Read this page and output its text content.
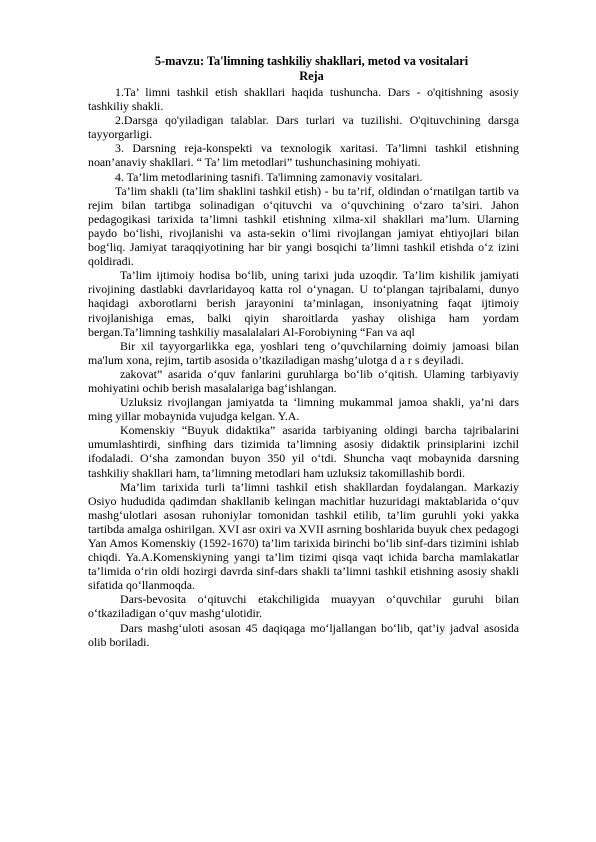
5-mavzu: Ta'limning tashkiliy shakllari, metod va vositalari
Reja
1.Ta’ limni tashkil etish shakllari haqida tushuncha. Dars - o'qitishning asosiy tashkiliy shakli.
2.Darsga qo'yiladigan talablar. Dars turlari va tuzilishi. O'qituvchining darsga tayyorgarligi.
3. Darsning reja-konspekti va texnologik xaritasi. Ta’limni tashkil etishning noan’anaviy shakllari. “ Ta’ lim metodlari” tushunchasining mohiyati.
4. Ta’lim metodlarining tasnifi. Ta'limning zamonaviy vositalari.
Ta’lim shakli (ta’lim shaklini tashkil etish) - bu ta’rif, oldindan o‘rnatilgan tartib va rejim bilan tartibga solinadigan o‘qituvchi va o‘quvchining o‘zaro ta’siri. Jahon pedagogikasi tarixida ta’limni tashkil etishning xilma-xil shakllari ma’lum. Ularning paydo bo‘lishi, rivojlanishi va asta-sekin o‘limi rivojlangan jamiyat ehtiyojlari bilan bog‘liq. Jamiyat taraqqiyotining har bir yangi bosqichi ta’limni tashkil etishda o‘z izini qoldiradi.
Ta’lim ijtimoiy hodisa bo‘lib, uning tarixi juda uzoqdir. Ta’lim kishilik jamiyati rivojining dastlabki davrlaridayoq katta rol o‘ynagan. U to‘plangan tajribalami, dunyo haqidagi axborotlarni berish jarayonini ta’minlagan, insoniyatning faqat ijtimoiy rivojlanishiga emas, balki qiyin sharoitlarda yashay olishiga ham yordam bergan.Ta’limning tashkiliy masalalalari Al-Forobiyning “Fan va aql
Bir xil tayyorgarlikka ega, yoshlari teng o’quvchilarning doimiy jamoasi bilan ma'lum xona, rejim, tartib asosida o’tkaziladigan mashg’ulotga d a r s deyiladi.
zakovat” asarida o‘quv fanlarini guruhlarga bo‘lib o‘qitish. Ulaming tarbiyaviy mohiyatini ochib berish masalalariga bag‘ishlangan.
Uzluksiz rivojlangan jamiyatda ta ‘limning mukammal jamoa shakli, ya’ni dars ming yillar mobaynida vujudga kelgan. Y.A.
Komenskiy “Buyuk didaktika” asarida tarbiyaning oldingi barcha tajribalarini umumlashtirdi, sinfhing dars tizimida ta’limning asosiy didaktik prinsiplarini izchil ifodaladi. O‘sha zamondan buyon 350 yil o‘tdi. Shuncha vaqt mobaynida darsning tashkiliy shakllari ham, ta’limning metodlari ham uzluksiz takomillashib bordi.
Ma’lim tarixida turli ta’limni tashkil etish shakllardan foydalangan. Markaziy Osiyo hududida qadimdan shakllanib kelingan machitlar huzuridagi maktablarida o‘quv mashg‘ulotlari asosan ruhoniylar tomonidan tashkil etilib, ta’lim guruhli yoki yakka tartibda amalga oshirilgan. XVI asr oxiri va XVII asrning boshlarida buyuk chex pedagogi Yan Amos Komenskiy (1592-1670) ta’lim tarixida birinchi bo‘lib sinf-dars tizimini ishlab chiqdi. Ya.A.Komenskiyning yangi ta’lim tizimi qisqa vaqt ichida barcha mamlakatlar ta’limida o‘rin oldi hozirgi davrda sinf-dars shakli ta’limni tashkil etishning asosiy shakli sifatida qo‘llanmoqda.
Dars-bevosita o‘qituvchi etakchiligida muayyan o‘quvchilar guruhi bilan o‘tkaziladigan o‘quv mashg‘ulotidir.
Dars mashg‘uloti asosan 45 daqiqaga mo‘ljallangan bo‘lib, qat’iy jadval asosida olib boriladi.
